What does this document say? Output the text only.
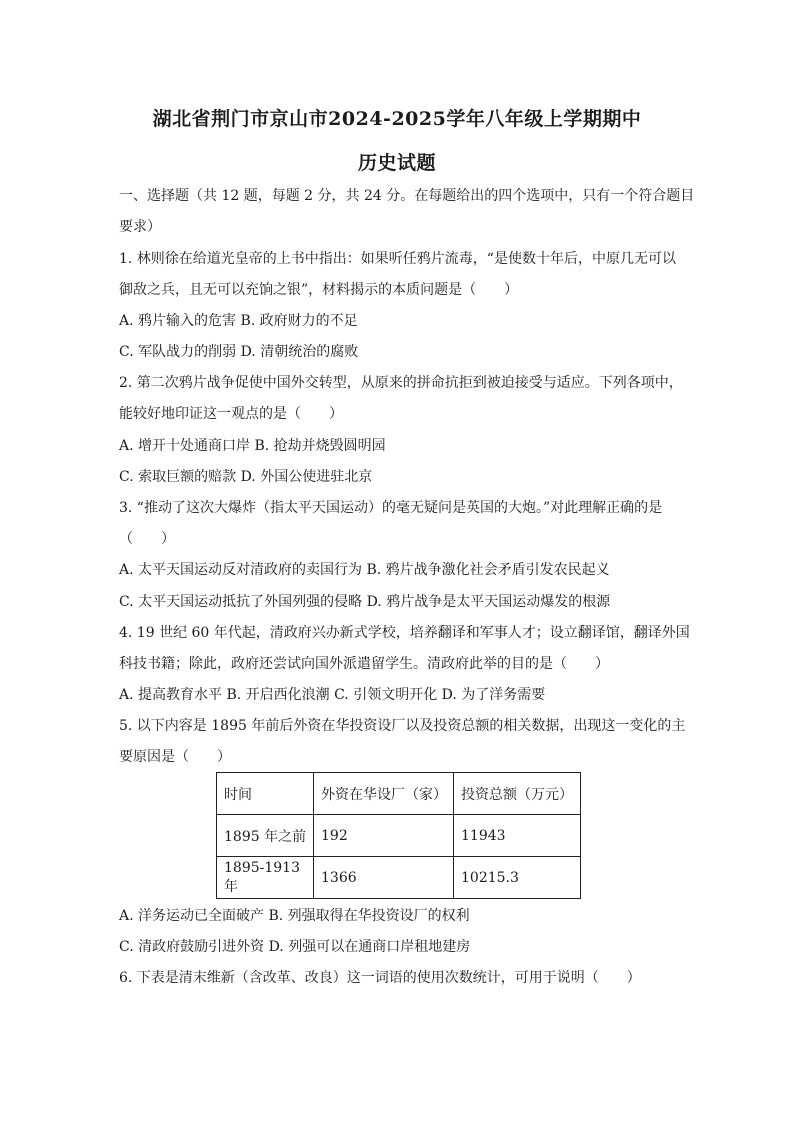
湖北省荆门市京山市2024-2025学年八年级上学期期中
历史试题
一、选择题（共 12 题，每题 2 分，共 24 分。在每题给出的四个选项中，只有一个符合题目
要求）
1. 林则徐在给道光皇帝的上书中指出：如果听任鸦片流毒，“是使数十年后，中原几无可以
御敌之兵，且无可以充饷之银”，材料揭示的本质问题是（　　）
A. 鸦片输入的危害 B. 政府财力的不足
C. 军队战力的削弱 D. 清朝统治的腐败
2. 第二次鸦片战争促使中国外交转型，从原来的拼命抗拒到被迫接受与适应。下列各项中，
能较好地印证这一观点的是（　　）
A. 增开十处通商口岸 B. 抢劫并烧毁圆明园
C. 索取巨额的赔款 D. 外国公使进驻北京
3. “推动了这次大爆炸（指太平天国运动）的毫无疑问是英国的大炮。”对此理解正确的是
（　　）
A. 太平天国运动反对清政府的卖国行为 B. 鸦片战争激化社会矛盾引发农民起义
C. 太平天国运动抵抗了外国列强的侵略 D. 鸦片战争是太平天国运动爆发的根源
4. 19 世纪 60 年代起，清政府兴办新式学校，培养翻译和军事人才；设立翻译馆，翻译外国
科技书籍；除此，政府还尝试向国外派遣留学生。清政府此举的目的是（　　）
A. 提高教育水平 B. 开启西化浪潮 C. 引领文明开化 D. 为了洋务需要
5. 以下内容是 1895 年前后外资在华投资设厂以及投资总额的相关数据，出现这一变化的主
要原因是（　　）
时间	外资在华设厂（家）	投资总额（万元）
1895 年之前	192	11943
1895-1913 年	1366	10215.3
A. 洋务运动已全面破产 B. 列强取得在华投资设厂的权利
C. 清政府鼓励引进外资 D. 列强可以在通商口岸租地建房
6. 下表是清末维新（含改革、改良）这一词语的使用次数统计，可用于说明（　　）
